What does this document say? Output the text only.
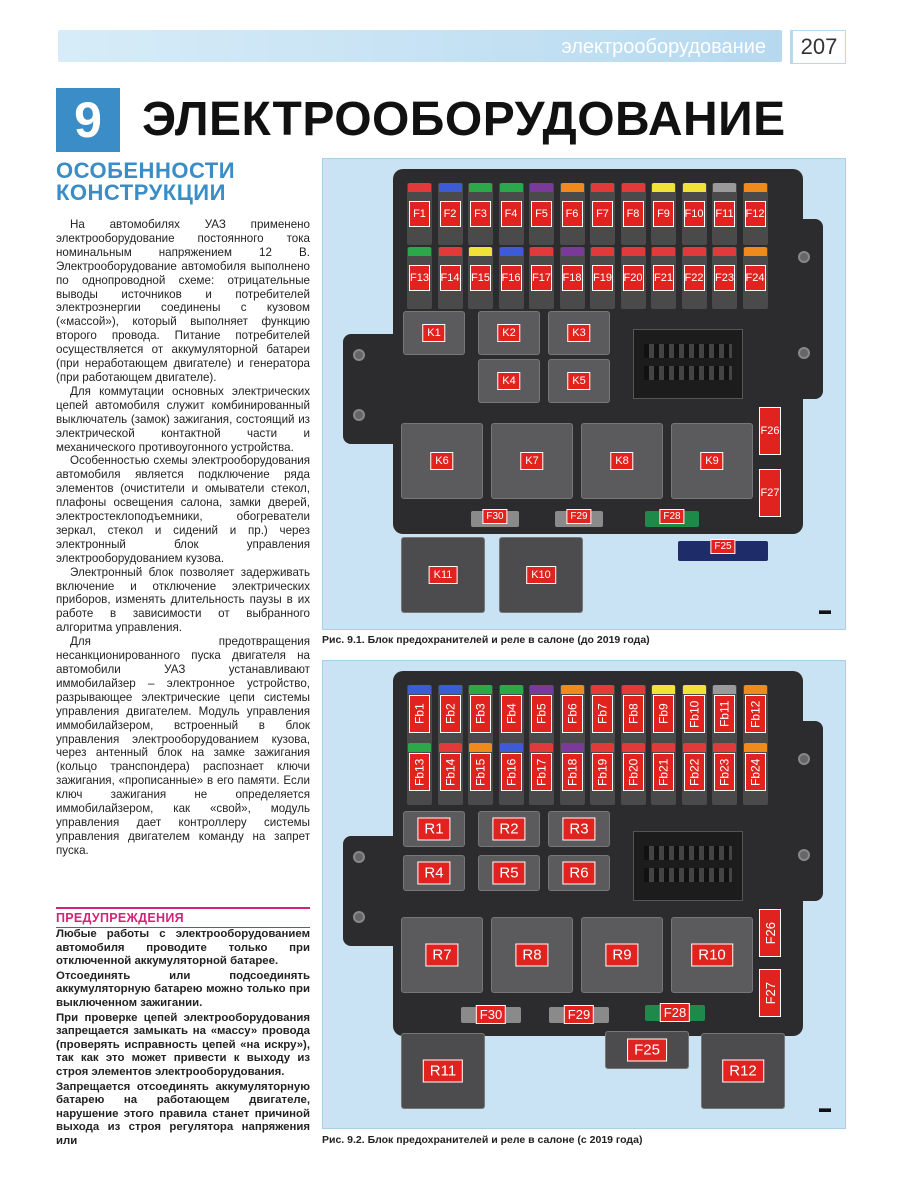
электрооборудование	207
9 ЭЛЕКТРООБОРУДОВАНИЕ
ОСОБЕННОСТИ
КОНСТРУКЦИИ

На автомобилях УАЗ применено электрооборудование постоянного тока номинальным напряжением 12 В. Электрооборудование автомобиля выполнено по однопроводной схеме: отрицательные выводы источников и потребителей электроэнергии соединены с кузовом («массой»), который выполняет функцию второго провода. Питание потребителей осуществляется от аккумуляторной батареи (при неработающем двигателе) и генератора (при работающем двигателе).

Для коммутации основных электрических цепей автомобиля служит комбинированный выключатель (замок) зажигания, состоящий из электрической контактной части и механического противоугонного устройства.

Особенностью схемы электрооборудования автомобиля является подключение ряда элементов (очистители и омыватели стекол, плафоны освещения салона, замки дверей, электростеклоподъемники, обогреватели зеркал, стекол и сидений и пр.) через электронный блок управления электрооборудованием кузова.

Электронный блок позволяет задерживать включение и отключение электрических приборов, изменять длительность паузы в их работе в зависимости от выбранного алгоритма управления.

Для предотвращения несанкционированного пуска двигателя на автомобили УАЗ устанавливают иммобилайзер – электронное устройство, разрывающее электрические цепи системы управления двигателем. Модуль управления иммобилайзером, встроенный в блок управления электрооборудованием кузова, через антенный блок на замке зажигания (кольцо транспондера) распознает ключи зажигания, «прописанные» в его памяти. Если ключ зажигания не определяется иммобилайзером, как «свой», модуль управления дает контроллеру системы управления двигателем команду на запрет пуска.

ПРЕДУПРЕЖДЕНИЯ

Любые работы с электрооборудованием автомобиля проводите только при отключенной аккумуляторной батарее.

Отсоединять или подсоединять аккумуляторную батарею можно только при выключенном зажигании.

При проверке цепей электрооборудования запрещается замыкать на «массу» провода (проверять исправность цепей «на искру»), так как это может привести к выходу из строя элементов электрооборудования.

Запрещается отсоединять аккумуляторную батарею на работающем двигателе, нарушение этого правила станет причиной выхода из строя регулятора напряжения или

F1	F2	F3	F4	F5	F6	F7	F8	F9	F10 F11 F12
F13 F14 F15 F16 F17 F18 F19 F20 F21 F22 F23 F24
K1	K2	K3
K4	K5
K6	K7	K8	K9
F26
F27
F30	F29	F28
F25
K11	K10
▬
Рис. 9.1. Блок предохранителей и реле в салоне (до 2019 года)
Fb1 Fb2 Fb3 Fb4 Fb5 Fb6 Fb7 Fb8 Fb9 Fb10 Fb11 Fb12
Fb13 Fb14 Fb15 Fb16 Fb17 Fb18 Fb19 Fb20 Fb21 Fb22 Fb23 Fb24
R1	R2	R3
R4	R5	R6
R7	R8	R9	R10
F26
F27
F30	F29	F28
F25
R11	R12
▬
Рис. 9.2. Блок предохранителей и реле в салоне (с 2019 года)
